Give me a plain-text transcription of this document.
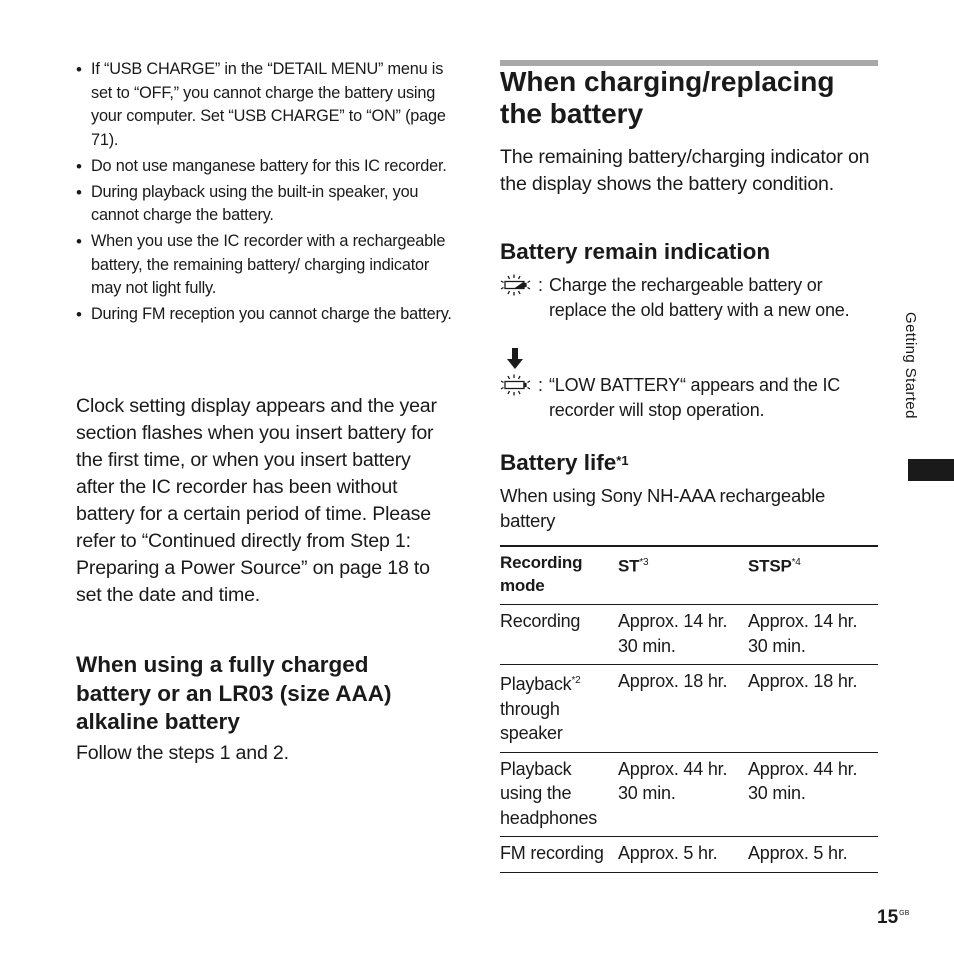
• If “USB CHARGE” in the “DETAIL MENU” menu is set to “OFF,” you cannot charge the battery using your computer. Set “USB CHARGE” to “ON” (page 71).
• Do not use manganese battery for this IC recorder.
• During playback using the built-in speaker, you cannot charge the battery.
• When you use the IC recorder with a rechargeable battery, the remaining battery/ charging indicator may not light fully.
• During FM reception you cannot charge the battery.

Clock setting display appears and the year section flashes when you insert battery for the first time, or when you insert battery after the IC recorder has been without battery for a certain period of time. Please refer to “Continued directly from Step 1: Preparing a Power Source” on page 18 to set the date and time.

When using a fully charged battery or an LR03 (size AAA) alkaline battery

Follow the steps 1 and 2.

When charging/replacing the battery

The remaining battery/charging indicator on the display shows the battery condition.

Battery remain indication
: Charge the rechargeable battery or replace the old battery with a new one.
: “LOW BATTERY“ appears and the IC recorder will stop operation.
Battery life$^{*1}$

When using Sony NH-AAA rechargeable battery

Recording mode	ST$^{*3}$	STSP$^{*4}$
Recording	Approx. 14 hr. 30 min.	Approx. 14 hr. 30 min.
Playback$^{*2}$ through speaker	Approx. 18 hr.	Approx. 18 hr.
Playback using the headphones	Approx. 44 hr. 30 min.	Approx. 44 hr. 30 min.
FM recording	Approx. 5 hr.	Approx. 5 hr.
Getting Started
$15^{GB}$
